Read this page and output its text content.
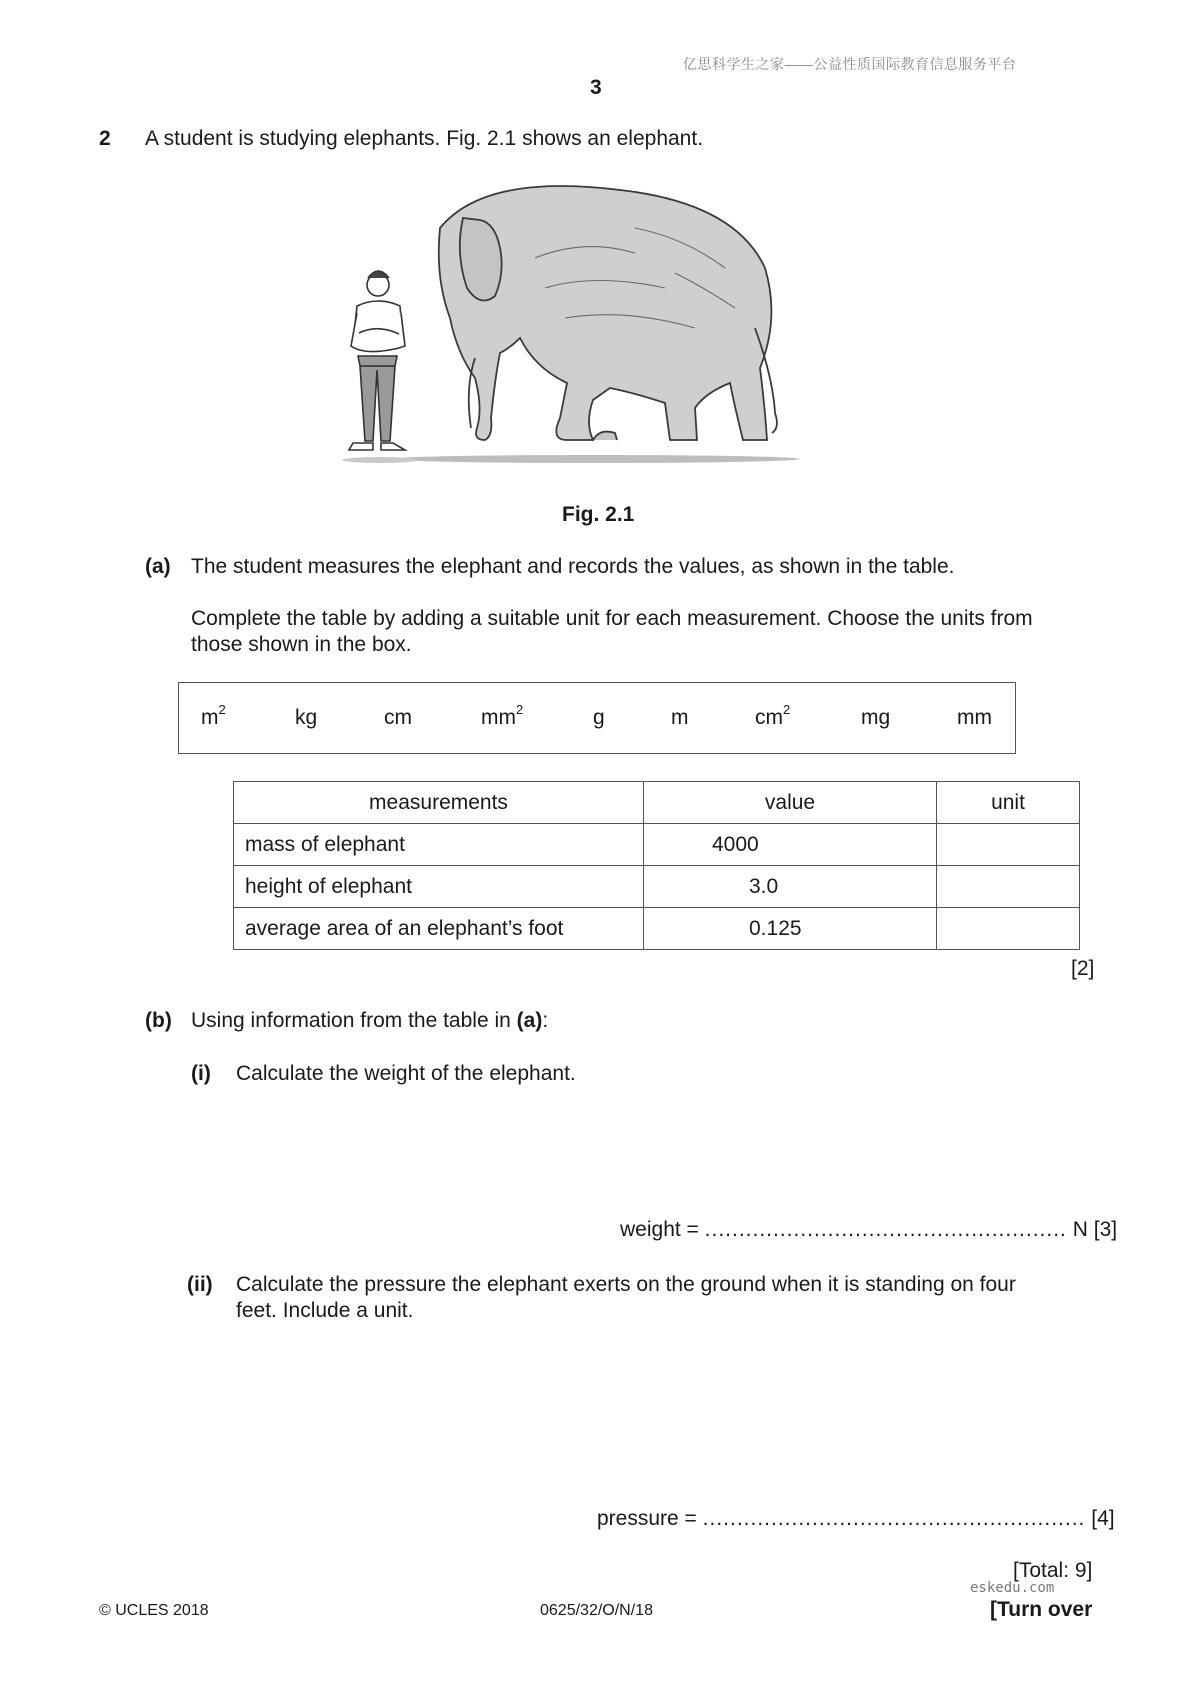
亿思科学生之家——公益性质国际教育信息服务平台
3
2 A student is studying elephants. Fig. 2.1 shows an elephant.
Fig. 2.1
(a) The student measures the elephant and records the values, as shown in the table.
Complete the table by adding a suitable unit for each measurement. Choose the units from
those shown in the box.
$m^2$	kg	cm	$mm^2$	g	m	$cm^2$	mg	mm
measurements	value	unit
mass of elephant	4000	
height of elephant	3.0	
average area of an elephant’s foot	0.125	
[2]
(b) Using information from the table in (a):
(i) Calculate the weight of the elephant.
weight = ..................................................... N [3]
(ii) Calculate the pressure the elephant exerts on the ground when it is standing on four
feet. Include a unit.
pressure = ........................................................ [4]
[Total: 9]
eskedu.com
© UCLES 2018	0625/32/O/N/18	[Turn over
